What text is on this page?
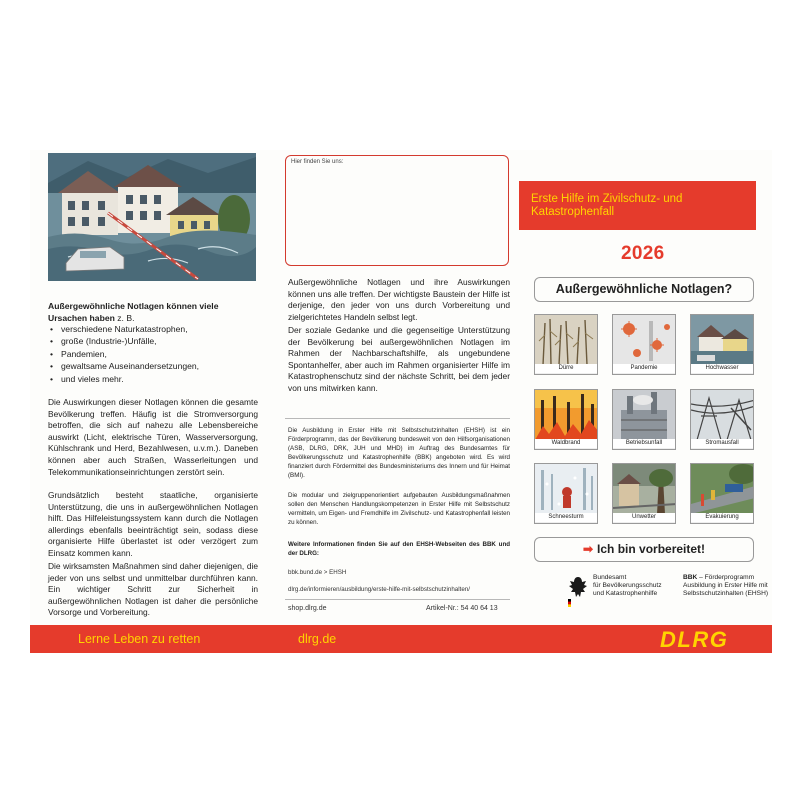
Außergewöhnliche Notlagen können viele Ursachen haben z. B.
• verschiedene Naturkatastrophen,
• große (Industrie-)Unfälle,
• Pandemien,
• gewaltsame Auseinandersetzungen,
• und vieles mehr.

Die Auswirkungen dieser Notlagen können die gesamte Bevölkerung treffen. Häufig ist die Stromversorgung betroffen, die sich auf nahezu alle Lebensbereiche auswirkt (Licht, elektrische Türen, Wasserversorgung, Kühlschrank und Herd, Bezahlwesen, u.v.m.). Daneben können aber auch Straßen, Wasserleitungen und Telekommunikationseinrichtungen zerstört sein.

Grundsätzlich besteht staatliche, organisierte Unterstützung, die uns in außergewöhnlichen Notlagen hilft. Das Hilfeleistungssystem kann durch die Notlagen allerdings ebenfalls beeinträchtigt sein, sodass diese organisierte Hilfe überlastet ist oder verzögert zum Einsatz kommen kann.

Die wirksamsten Maßnahmen sind daher diejenigen, die jeder von uns selbst und unmittelbar durchführen kann. Ein wichtiger Schritt zur Sicherheit in außergewöhnlichen Notlagen ist daher die persönliche Vorsorge und Vorbereitung.

Hier finden Sie uns:

Außergewöhnliche Notlagen und ihre Auswirkungen können uns alle treffen. Der wichtigste Baustein der Hilfe ist derjenige, den jeder von uns durch Vorbereitung und zielgerichtetes Handeln selbst legt.

Der soziale Gedanke und die gegenseitige Unterstützung der Bevölkerung bei außergewöhnlichen Notlagen im Rahmen der Nachbarschaftshilfe, als ungebundene Spontanhelfer, aber auch im Rahmen organisierter Hilfe im Katastrophenschutz sind der nächste Schritt, bei dem jeder von uns mitwirken kann.

Die Ausbildung in Erster Hilfe mit Selbstschutzinhalten (EHSH) ist ein Förderprogramm, das der Bevölkerung bundesweit von den Hilfsorganisationen (ASB, DLRG, DRK, JUH und MHD) im Auftrag des Bundesamtes für Bevölkerungsschutz und Katastrophenhilfe (BBK) angeboten wird. Es wird finanziert durch Fördermittel des Bundesministeriums des Innern und für Heimat (BMI).

Die modular und zielgruppenorientiert aufgebauten Ausbildungsmaßnahmen sollen den Menschen Handlungskompetenzen in Erster Hilfe mit Selbstschutz vermitteln, um Eigen- und Fremdhilfe im Zivilschutz- und Katastrophenfall leisten zu können.

Weitere Informationen finden Sie auf den EHSH-Webseiten des BBK und der DLRG:

bbk.bund.de > EHSH
dlrg.de/informieren/ausbildung/erste-hilfe-mit-selbstschutzinhalten/
shop.dlrg.de	Artikel-Nr.: 54 40 64 13
Erste Hilfe im Zivilschutz- und
Katastrophenfall
2026
Außergewöhnliche Notlagen?
Dürre	Pandemie	Hochwasser
Waldbrand	Betriebsunfall	Stromausfall
Schneesturm	Unwetter	Evakuierung
➡ Ich bin vorbereitet!
Bundesamt
für Bevölkerungsschutz
und Katastrophenhilfe
BBK – Förderprogramm
Ausbildung in Erster Hilfe mit
Selbstschutzinhalten (EHSH)
Lerne Leben zu retten	dlrg.de	DLRG
